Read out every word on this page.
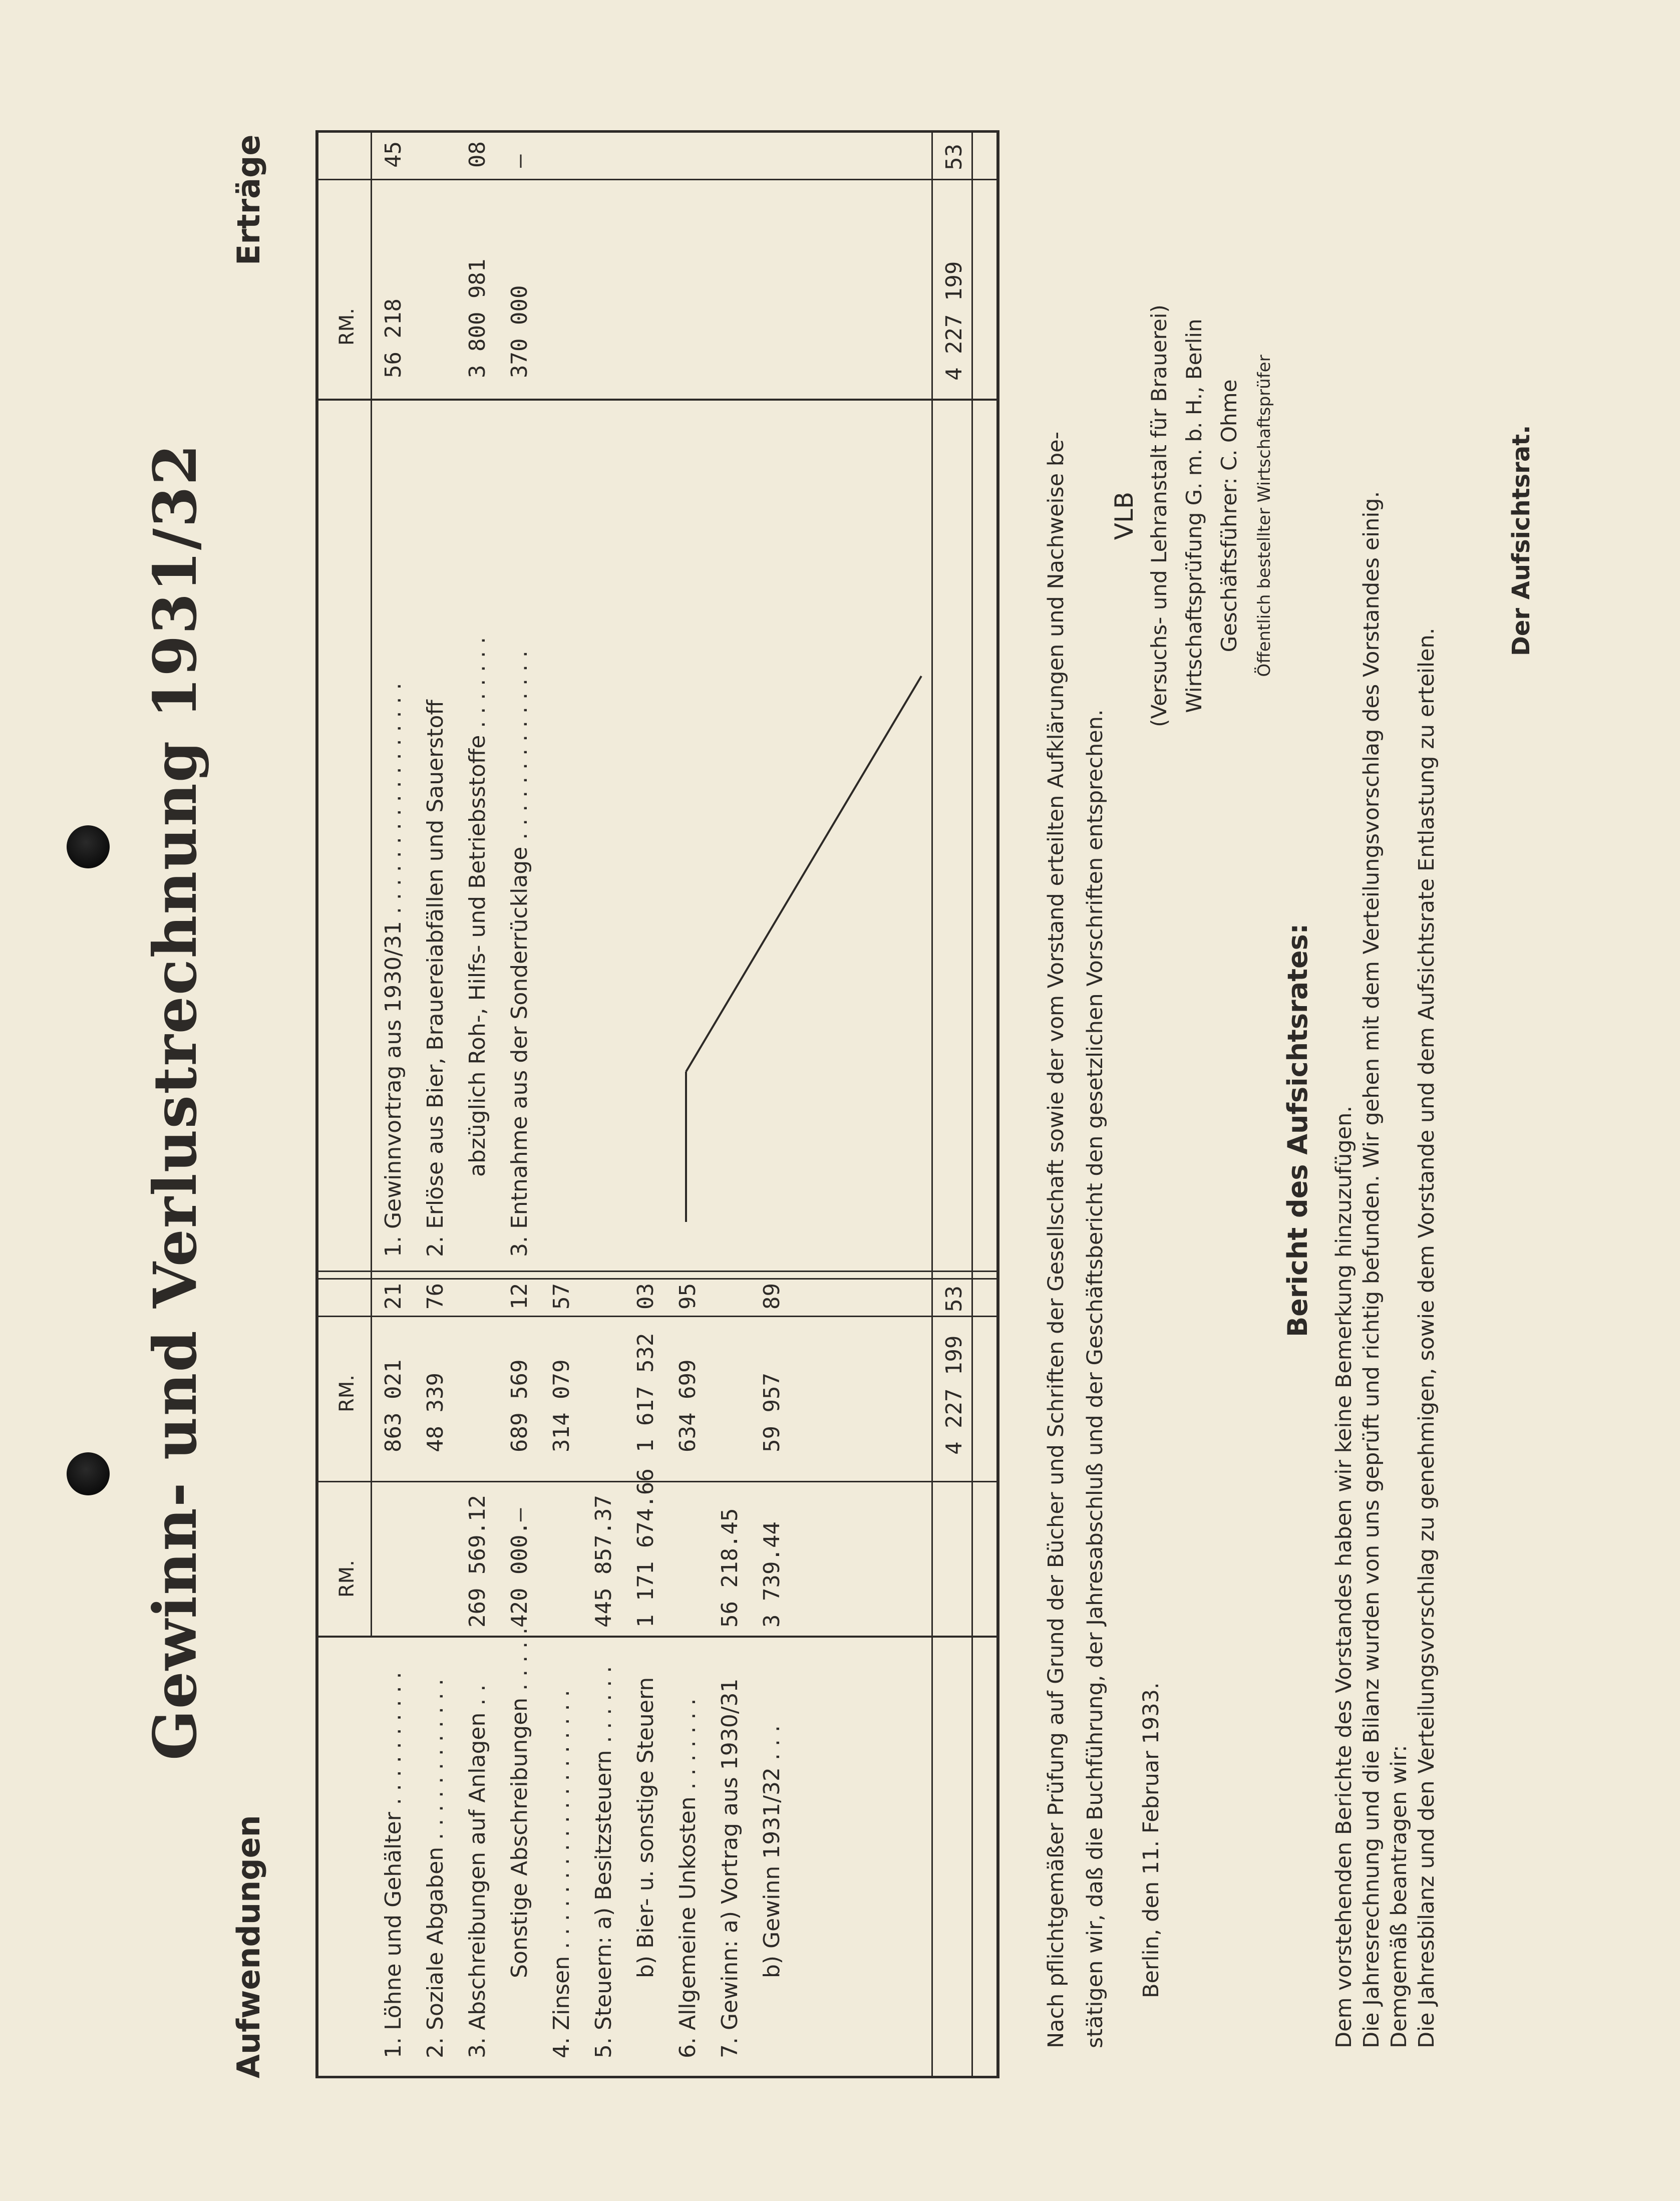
Gewinn- und Verlustrechnung 1931/32
Aufwendungen
Erträge
RM.
RM.
RM.
1. Löhne und Gehälter . . . . . . . . . .
863 021
21
2. Soziale Abgaben . . . . . . . . . . . .
48 339
76
3. Abschreibungen auf Anlagen . .
269 569.12
Sonstige Abschreibungen . . . . .
420 000.—
689 569
12
4. Zinsen . . . . . . . . . . . . . . . . . . .
314 079
57
5. Steuern: a) Besitzsteuern . . . . . .
445 857.37
b) Bier- u. sonstige Steuern
1 171 674.66
1 617 532
03
6. Allgemeine Unkosten . . . . . . .
634 699
95
7. Gewinn: a) Vortrag aus 1930/31
56 218.45
b) Gewinn 1931/32 . . .
3 739.44
59 957
89
4 227 199
53
1. Gewinnvortrag aus 1930/31 . . . . . . . . . . . . . . . . .
56 218
45
2. Erlöse aus Bier, Brauereiabfällen und Sauerstoff abzüglich Roh-, Hilfs- und Betriebsstoffe . . . . . . .
3 800 981
08
3. Entnahme aus der Sonderrücklage . . . . . . . . . . . . . .
370 000
—
4 227 199
53
Nach pflichtgemäßer Prüfung auf Grund der Bücher und Schriften der Gesellschaft sowie der vom Vorstand erteilten Aufklärungen und Nachweise be- stätigen wir, daß die Buchführung, der Jahresabschluß und der Geschäftsbericht den gesetzlichen Vorschriften entsprechen.	Berlin, den 11. Februar 1933.
VLB (Versuchs- und Lehranstalt für Brauerei) Wirtschaftsprüfung G. m. b. H., Berlin Geschäftsführer: C. Ohme Öffentlich bestellter Wirtschaftsprüfer
Bericht des Aufsichtsrates: Dem vorstehenden Berichte des Vorstandes haben wir keine Bemerkung hinzuzufügen. Die Jahresrechnung und die Bilanz wurden von uns geprüft und richtig befunden. Wir gehen mit dem Verteilungsvorschlag des Vorstandes einig. Demgemäß beantragen wir: Die Jahresbilanz und den Verteilungsvorschlag zu genehmigen, sowie dem Vorstande und dem Aufsichtsrate Entlastung zu erteilen.
Der Aufsichtsrat.
